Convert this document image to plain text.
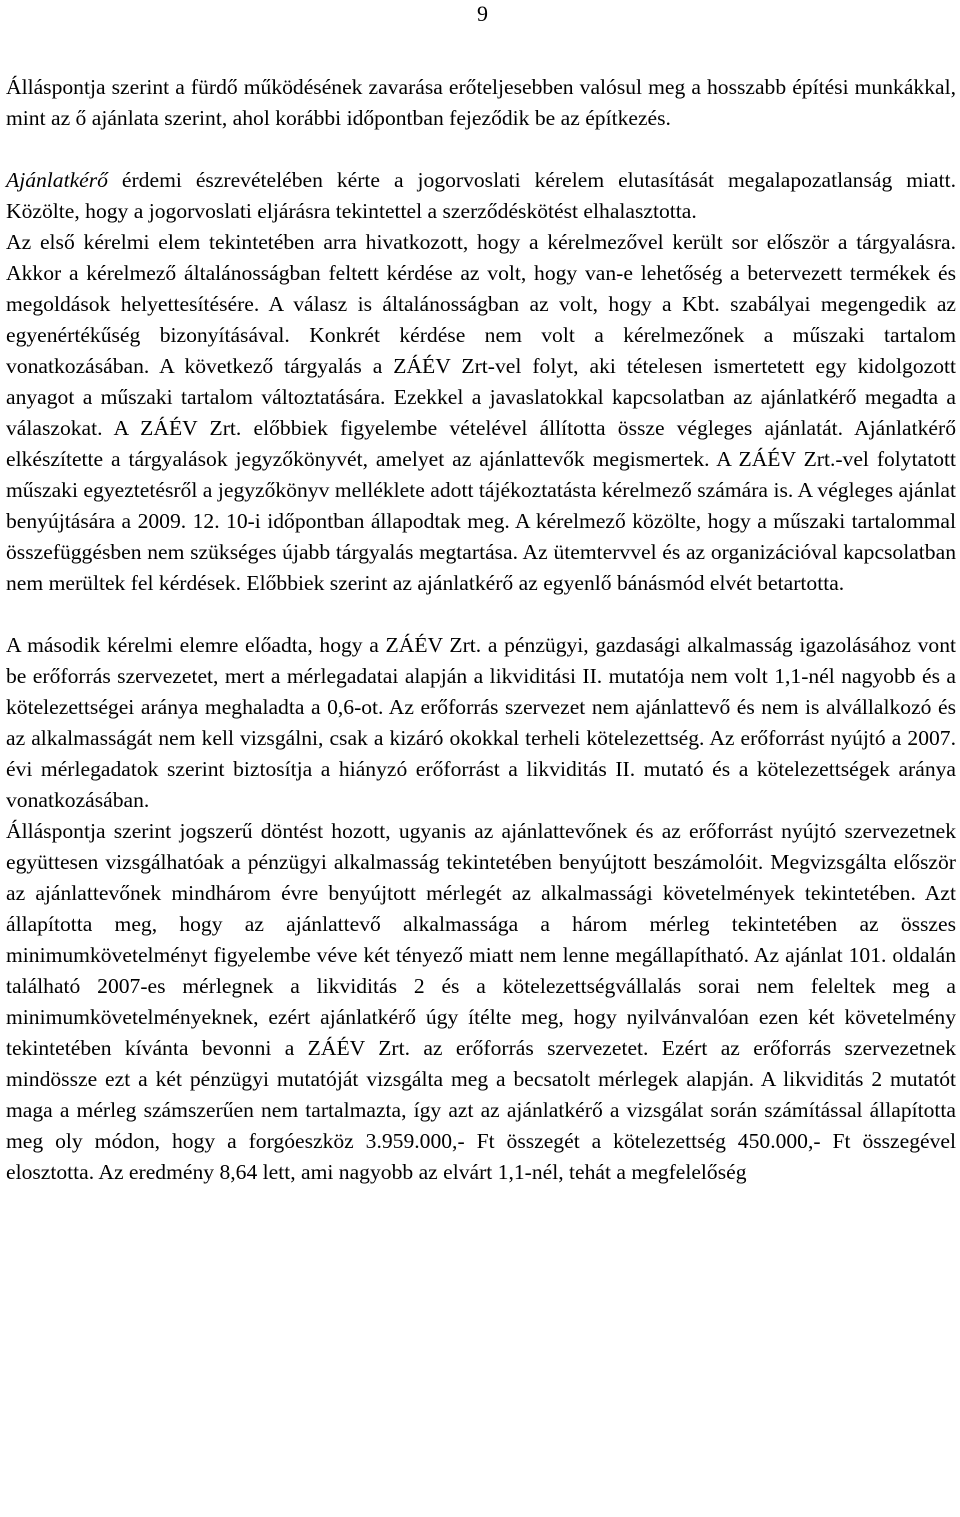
9

Álláspontja szerint a fürdő működésének zavarása erőteljesebben valósul meg a hosszabb építési munkákkal, mint az ő ajánlata szerint, ahol korábbi időpontban fejeződik be az építkezés.

Ajánlatkérő érdemi észrevételében kérte a jogorvoslati kérelem elutasítását megalapozatlanság miatt. Közölte, hogy a jogorvoslati eljárásra tekintettel a szerződéskötést elhalasztotta.

Az első kérelmi elem tekintetében arra hivatkozott, hogy a kérelmezővel került sor először a tárgyalásra. Akkor a kérelmező általánosságban feltett kérdése az volt, hogy van-e lehetőség a betervezett termékek és megoldások helyettesítésére. A válasz is általánosságban az volt, hogy a Kbt. szabályai megengedik az egyenértékűség bizonyításával. Konkrét kérdése nem volt a kérelmezőnek a műszaki tartalom vonatkozásában. A következő tárgyalás a ZÁÉV Zrt-vel folyt, aki tételesen ismertetett egy kidolgozott anyagot a műszaki tartalom változtatására. Ezekkel a javaslatokkal kapcsolatban az ajánlatkérő megadta a válaszokat. A ZÁÉV Zrt. előbbiek figyelembe vételével állította össze végleges ajánlatát. Ajánlatkérő elkészítette a tárgyalások jegyzőkönyvét, amelyet az ajánlattevők megismertek. A ZÁÉV Zrt.-vel folytatott műszaki egyeztetésről a jegyzőkönyv melléklete adott tájékoztatásta kérelmező számára is. A végleges ajánlat benyújtására a 2009. 12. 10-i időpontban állapodtak meg. A kérelmező közölte, hogy a műszaki tartalommal összefüggésben nem szükséges újabb tárgyalás megtartása. Az ütemtervvel és az organizációval kapcsolatban nem merültek fel kérdések. Előbbiek szerint az ajánlatkérő az egyenlő bánásmód elvét betartotta.

A második kérelmi elemre előadta, hogy a ZÁÉV Zrt. a pénzügyi, gazdasági alkalmasság igazolásához vont be erőforrás szervezetet, mert a mérlegadatai alapján a likviditási II. mutatója nem volt 1,1-nél nagyobb és a kötelezettségei aránya meghaladta a 0,6-ot. Az erőforrás szervezet nem ajánlattevő és nem is alvállalkozó és az alkalmasságát nem kell vizsgálni, csak a kizáró okokkal terheli kötelezettség. Az erőforrást nyújtó a 2007. évi mérlegadatok szerint biztosítja a hiányzó erőforrást a likviditás II. mutató és a kötelezettségek aránya vonatkozásában.

Álláspontja szerint jogszerű döntést hozott, ugyanis az ajánlattevőnek és az erőforrást nyújtó szervezetnek együttesen vizsgálhatóak a pénzügyi alkalmasság tekintetében benyújtott beszámolóit. Megvizsgálta először az ajánlattevőnek mindhárom évre benyújtott mérlegét az alkalmassági követelmények tekintetében. Azt állapította meg, hogy az ajánlattevő alkalmassága a három mérleg tekintetében az összes minimumkövetelményt figyelembe véve két tényező miatt nem lenne megállapítható. Az ajánlat 101. oldalán található 2007-es mérlegnek a likviditás 2 és a kötelezettségvállalás sorai nem feleltek meg a minimumkövetelményeknek, ezért ajánlatkérő úgy ítélte meg, hogy nyilvánvalóan ezen két követelmény tekintetében kívánta bevonni a ZÁÉV Zrt. az erőforrás szervezetet. Ezért az erőforrás szervezetnek mindössze ezt a két pénzügyi mutatóját vizsgálta meg a becsatolt mérlegek alapján. A likviditás 2 mutatót maga a mérleg számszerűen nem tartalmazta, így azt az ajánlatkérő a vizsgálat során számítással állapította meg oly módon, hogy a forgóeszköz 3.959.000,- Ft összegét a kötelezettség 450.000,- Ft összegével elosztotta. Az eredmény 8,64 lett, ami nagyobb az elvárt 1,1-nél, tehát a megfelelőség
